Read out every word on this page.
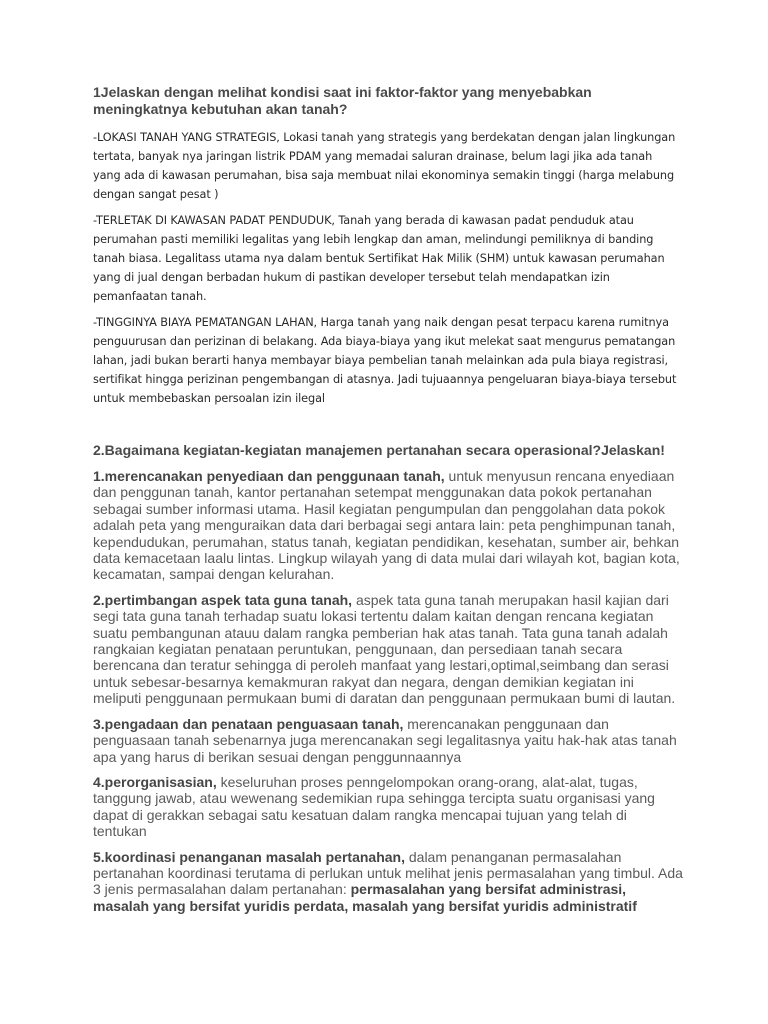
1Jelaskan dengan melihat kondisi saat ini faktor-faktor yang menyebabkan meningkatnya kebutuhan akan tanah?

-LOKASI TANAH YANG STRATEGIS, Lokasi tanah yang strategis yang berdekatan dengan jalan lingkungan tertata, banyak nya jaringan listrik PDAM yang memadai saluran drainase, belum lagi jika ada tanah yang ada di kawasan perumahan, bisa saja membuat nilai ekonominya semakin tinggi (harga melabung dengan sangat pesat )

-TERLETAK DI KAWASAN PADAT PENDUDUK, Tanah yang berada di kawasan padat penduduk atau perumahan pasti memiliki legalitas yang lebih lengkap dan aman, melindungi pemiliknya di banding tanah biasa. Legalitass utama nya dalam bentuk Sertifikat Hak Milik (SHM) untuk kawasan perumahan yang di jual dengan berbadan hukum di pastikan developer tersebut telah mendapatkan izin pemanfaatan tanah.

-TINGGINYA BIAYA PEMATANGAN LAHAN, Harga tanah yang naik dengan pesat terpacu karena rumitnya penguurusan dan perizinan di belakang. Ada biaya-biaya yang ikut melekat saat mengurus pematangan lahan, jadi bukan berarti hanya membayar biaya pembelian tanah melainkan ada pula biaya registrasi, sertifikat hingga perizinan pengembangan di atasnya. Jadi tujuaannya pengeluaran biaya-biaya tersebut untuk membebaskan persoalan izin ilegal

2.Bagaimana kegiatan-kegiatan manajemen pertanahan secara operasional?Jelaskan!

1.merencanakan penyediaan dan penggunaan tanah, untuk menyusun rencana enyediaan dan penggunan tanah, kantor pertanahan setempat menggunakan data pokok pertanahan sebagai sumber informasi utama. Hasil kegiatan pengumpulan dan penggolahan data pokok adalah peta yang menguraikan data dari berbagai segi antara lain: peta penghimpunan tanah, kependudukan, perumahan, status tanah, kegiatan pendidikan, kesehatan, sumber air, behkan data kemacetaan laalu lintas. Lingkup wilayah yang di data mulai dari wilayah kot, bagian kota, kecamatan, sampai dengan kelurahan.

2.pertimbangan aspek tata guna tanah, aspek tata guna tanah merupakan hasil kajian dari segi tata guna tanah terhadap suatu lokasi tertentu dalam kaitan dengan rencana kegiatan suatu pembangunan atauu dalam rangka pemberian hak atas tanah. Tata guna tanah adalah rangkaian kegiatan penataan peruntukan, penggunaan, dan persediaan tanah secara berencana dan teratur sehingga di peroleh manfaat yang lestari,optimal,seimbang dan serasi untuk sebesar-besarnya kemakmuran rakyat dan negara, dengan demikian kegiatan ini meliputi penggunaan permukaan bumi di daratan dan penggunaan permukaan bumi di lautan.

3.pengadaan dan penataan penguasaan tanah, merencanakan penggunaan dan penguasaan tanah sebenarnya juga merencanakan segi legalitasnya yaitu hak-hak atas tanah apa yang harus di berikan sesuai dengan penggunnaannya

4.perorganisasian, keseluruhan proses penngelompokan orang-orang, alat-alat, tugas, tanggung jawab, atau wewenang sedemikian rupa sehingga tercipta suatu organisasi yang dapat di gerakkan sebagai satu kesatuan dalam rangka mencapai tujuan yang telah di tentukan

5.koordinasi penanganan masalah pertanahan, dalam penanganan permasalahan pertanahan koordinasi terutama di perlukan untuk melihat jenis permasalahan yang timbul. Ada 3 jenis permasalahan dalam pertanahan: permasalahan yang bersifat administrasi, masalah yang bersifat yuridis perdata, masalah yang bersifat yuridis administratif
